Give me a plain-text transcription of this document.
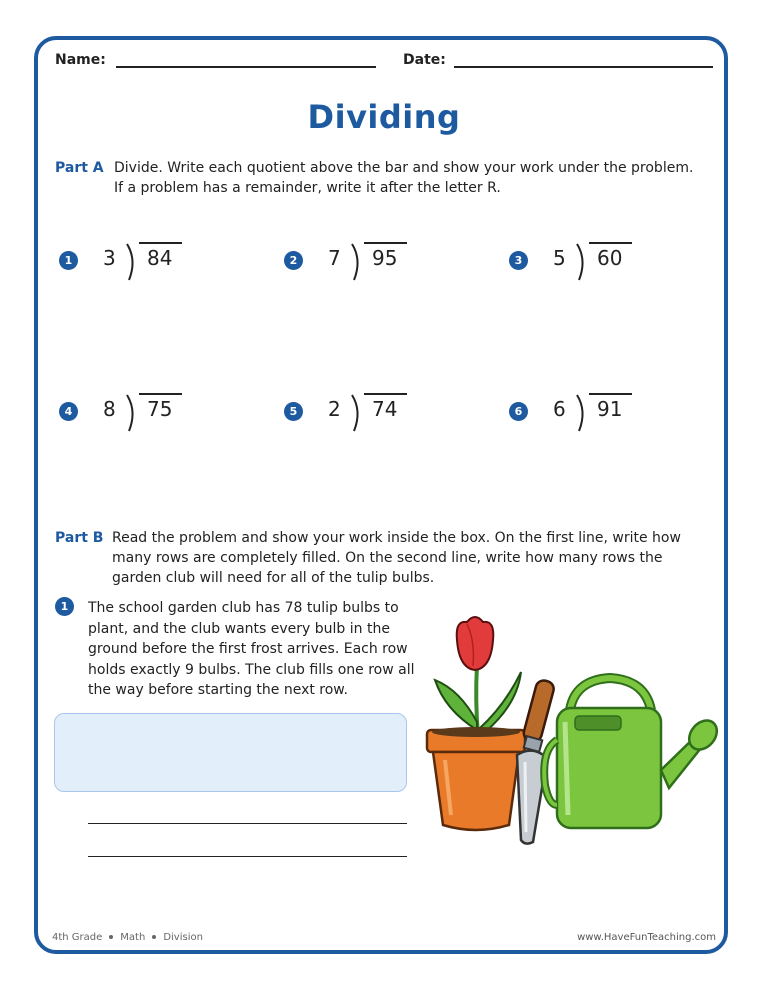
Name:	Date:
Dividing
Part A Divide. Write each quotient above the bar and show your work under the problem.
If a problem has a remainder, write it after the letter R.
1 3	84	2 7	95	3 5	60
4 8	75	5 2	74	6 6	91
Part B Read the problem and show your work inside the box. On the first line, write how
many rows are completely filled. On the second line, write how many rows the
garden club will need for all of the tulip bulbs.
1	The school garden club has 78 tulip bulbs to
plant, and the club wants every bulb in the
ground before the first frost arrives. Each row
holds exactly 9 bulbs. The club fills one row all
the way before starting the next row.
4th Grade Math Division	www.HaveFunTeaching.com
